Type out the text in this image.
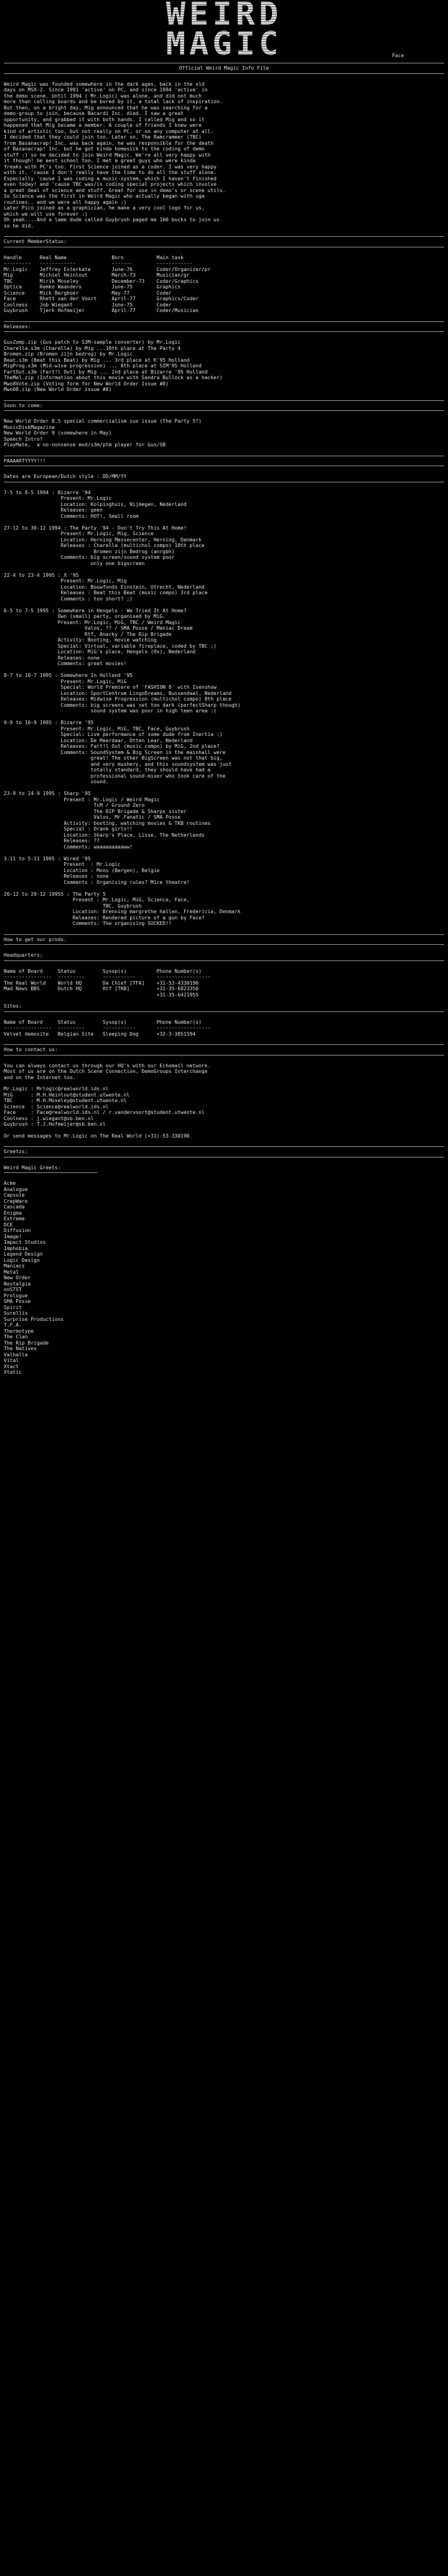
WEIRD
MAGIC	Face
Official Weird Magic Info File
Weird Magic was founded somewhere in the dark ages, back in the old
days on MSX-2. Since 1991 'active' on PC, and since 1994 'active' in
the demo scene. Until 1994 ( Mr.Logic) was alone, and did not much
more than calling boards and be bored by it, a total lack of inspiration.
But then, on a bright day, Mig announced that he was searching for a
demo-group to join, because Bacardi Inc. died. I saw a great
opportunity, and grabbed it with both hands. I called Mig and so it
happened that Mig became a member. A couple of friends I knew were
kind of artistic too, but not really on PC, or on any computer at all.
I decided that they could join too. Later on, The Ramcrammer (TBC)
from Basanacrap! Inc. was back again, he was responsible for the death
of Basanacrap! Inc. but he got kinda homesick to the coding of demo
stuff :) so he decided to join Weird Magic. We're all very happy with
it though! he eest school too. I met a great guys who were kinda
freaks with PC's too. First Science joined as a coder. I was very happy
with it, 'cause I don't really have the time to do all the stuff alone.
Especially 'cause I was coding a music-system, which I haven't finished
even today! and 'cause TBC was/is coding special projects which involve
a great deal of science and stuff. Great for use in demo's or scene utils.
So Science was the first in Weird Magic who actually began with uga
routines.. and we were all happy again :)
Later Pico joined as a graphician, he make a very cool logo for us,
which we will use forever :)
Oh yeah....And a lame dude called Guybrush paged me 100 bucks to join us
so he did.
Current MemberStatus:
Handle      Real Name               Born           Main task
---------   ------------            -------        ------------
Mr.Logic    Jeffrey Esterkate       June-76        Coder/Organizer/pr
Mig         Michiel Heinlout        March-73       Musician/gr
TBC         Mirik Moseley           December-73    Coder/Graphics
Optica      Remko Waanders          June-75        Graphics
Science     Mick Bergboer           May-77         Coder
Face        Rhett van der Voort     April-77       Graphics/Coder
Coolness    Job Wiegant             June-75        Coder
Guybrush    Tjerk Hofmeijer         April-77       Coder/Musician
Releases:
GusZomp.zip (Gus patch to S3M-sample converter) by Mr.Logic
Charella.s3m (Charella) by Mig ...10th place at The Party 4
Bromen.zip (Bromen zijn bedrog) by Mr.Logic
Beat.s3m (Beat this Beat) by Mig ... 3rd place at K'95 Holland
MigProg.s3m (Mid-wise progression) ... 8th place at SIM'95 Holland
FartOut.s3m (Fart!l Out) by Mig ... 2nd place at Bizarre '95 Holland
TheMel.zip (Information about this movie with Sandra Bullock as a hacker)
Mwo8Vote.zip (Voting form for New World Order Issue #8)
Mwo08.zip (New World Order issue #8)
Soon to come:
New World Order 8.5 special commercialism sux issue (The Party 5?)
MusicDiskMagazine
New World Order 9 (somewhere in May)
Speech Intro?
PlayMate,  a no-nonsense mod/s3m/ptm player for Gus/SB
PAAAARTYYYY!!!
Dates are European/Dutch style : DD/MM/YY
7-5 to 8-5 1994 : Bizarre '94
Present: Mr.Logic
Location: Kolpinghuis, Nijmegen, Nederland
Releases: geen
Comments: HOT!, Small room

27-12 to 30-12 1994 : The Party '94 - Don't Try This At Home!
Present: Mr.Logic, Mig, Science
Location: Herning Messecenter, Herning, Denmark
Releases : Charella (multichol compo) 10th place
Bromen zijn Bedrog (anrgbh)
Comments: big screen/sound system poor
only one bigscreen

22-4 to 23-4 1995 : X '95
Present: Mr.Logic, Mig
Location: Bouwfonds Einstein, Utrecht, Nederland
Releases : Beat this Beat (music compo) 3rd place
Comments : too short? ;)

6-5 to 7-5 1995 : Somewhere in Hengelo - We Tried It At Home?
Own (small) party, organised by MiG.
Present: Mr.Logic, MiG, TBC / Weird Magic
Valos, ?? / SMA Posse / Maniac Dream
Rtf, Anarky / The Rip Brigade
Activity: Booting, movie watching
Special: Virtual, variable fireplace, coded by TBC ;)
Location: MiG's place, Hengelo (Ov), Nederland
Releases: none
Comments: great movies!

8-7 to 10-7 1995 : Somewhere In Holland '95
Present: Mr.Logic, MiG
Special: World Premiere of 'FASHION 8' with Isenshow
Location: SportCentrum LingoDreams, Bussendaal, Nederland
Releases: Midwise Progression (multichol compo) 8th place
Comments: big screens was set too dark (perfectSharp though)
sound system was poor in high teen area :(

9-9 to 10-9 1995 : Bizarre '95
Present: Mr.Logic, MiG, TBC, Face, Guybrush
Special: Live performance of some dude from Inertia :)
Location: De Meerdaar, Otten Lear, Nederland
Releases: Fart!l Out (music compo) by MiG, 2nd place?
Comments: SoundSystem & Big Screen in the mainhall were
great! The other BigScreen was not that big,
and very mushery, and this soundsystem was just
totally standard, they should have had a
professional sound-mixer who took care of the
sound.

23-9 to 24-9 1995 : Sharp '95
Present : Mr.Logic / Weird Magic
TcM / Ground Zero
The RIP Brigade & Sharps sister
Valos, Mr.Fanatic / SMA Posse
Activity: booting, watching movies & TKB routines
Special : Drank girls!!
Location: Sharp's Place, Lisse, The Netherlands
Releases: ??
Comments: waaaaaaaaaww!

3-11 to 5-11 1995 : Wired '95
Present  : Mr.Logic
Location : Mons (Bergen), Belgie
Releases : none
Comments : Organising rules? Mice theatre!

26-12 to 29-12 19955 : The Party 5
Present : Mr.Logic, MiG, Science, Face,
TBC, Guybrush
Location: Brenning margrethe hallen, Fredericia, Denmark
Releases: Rendered picture of a gun by Face?
Comments: The organising SUCKED!!
How to get our prods.
Headquarters:
Name of Board     Status         Sysop(s)          Phone Number(s)
----------------  ---------      -----------       ------------------
The Real World    World HQ       Da Chief [TFA]    +31-53-4330190
Mad News BBS      Dutch HQ       Rtf [TKB]         +31-35-6823350
+31-35-6421955
Sites:
Name of Board     Status         Sysop(s)          Phone Number(s)
----------------  ---------      -----------       ------------------
Velvet demosite   Belgian Site   Sleeping Dog      +32-3-3851594
How to contact us:
You can always contact us through our HQ's with our Echomail network.
Most of us are on the Dutch Scene Connection, DemoGroups Interchange
and on the Internet too.
Mr.Logic : Mrlogic@realworld.ids.nl
MiG      : M.H.Heinlout@student.utwente.nl
TBC      : M.H.Moseley@student.utwente.nl
Science  : Science@realworld.ids.nl
Face     : Face@realworld.ids.nl / r.vandervoort@student.utwente.nl
Coolness : j.wiegant@sb.ben.nl
Guybrush : T.J.Hofmeijer@sb.ben.nl
Or send messages to Mr.Logic on The Real World (+31)-53-330190
Greetzs:
Weird Magic Greets:
Acme
Analogue
Capsule
CrepWare
Cascada
Enigma
Extreme
DCE
Diffusion
Image!
Impact Studios
Imphobia
Legend Design
Logic Design
Maniacs
Metal
New Order
Nostalgia
onSTST
Prologue
SMA Posse
Spirit
Surellis
Surprise Productions
T.F.A.
Thermotype
The Clan
The Rip Brigade
The Natives
Valhalla
Vital
Xtact
Xtatic
